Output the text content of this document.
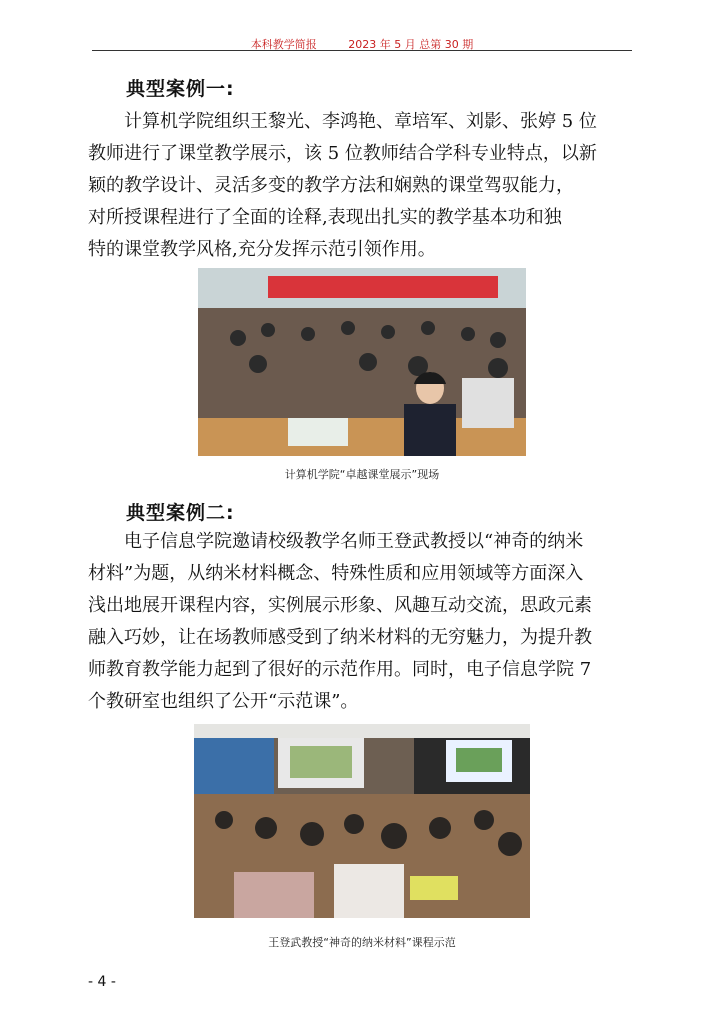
本科教学简报	2023 年 5 月 总第 30 期
典型案例一:
计算机学院组织王黎光、李鸿艳、章培军、刘影、张婷 5 位
教师进行了课堂教学展示，该 5 位教师结合学科专业特点，以新
颖的教学设计、灵活多变的教学方法和娴熟的课堂驾驭能力，
对所授课程进行了全面的诠释,表现出扎实的教学基本功和独
特的课堂教学风格,充分发挥示范引领作用。
计算机学院“卓越课堂展示”现场
典型案例二:
电子信息学院邀请校级教学名师王登武教授以“神奇的纳米
材料”为题，从纳米材料概念、特殊性质和应用领域等方面深入
浅出地展开课程内容，实例展示形象、风趣互动交流，思政元素
融入巧妙，让在场教师感受到了纳米材料的无穷魅力，为提升教
师教育教学能力起到了很好的示范作用。同时，电子信息学院 7
个教研室也组织了公开“示范课”。
王登武教授“神奇的纳米材料”课程示范
- 4 -
